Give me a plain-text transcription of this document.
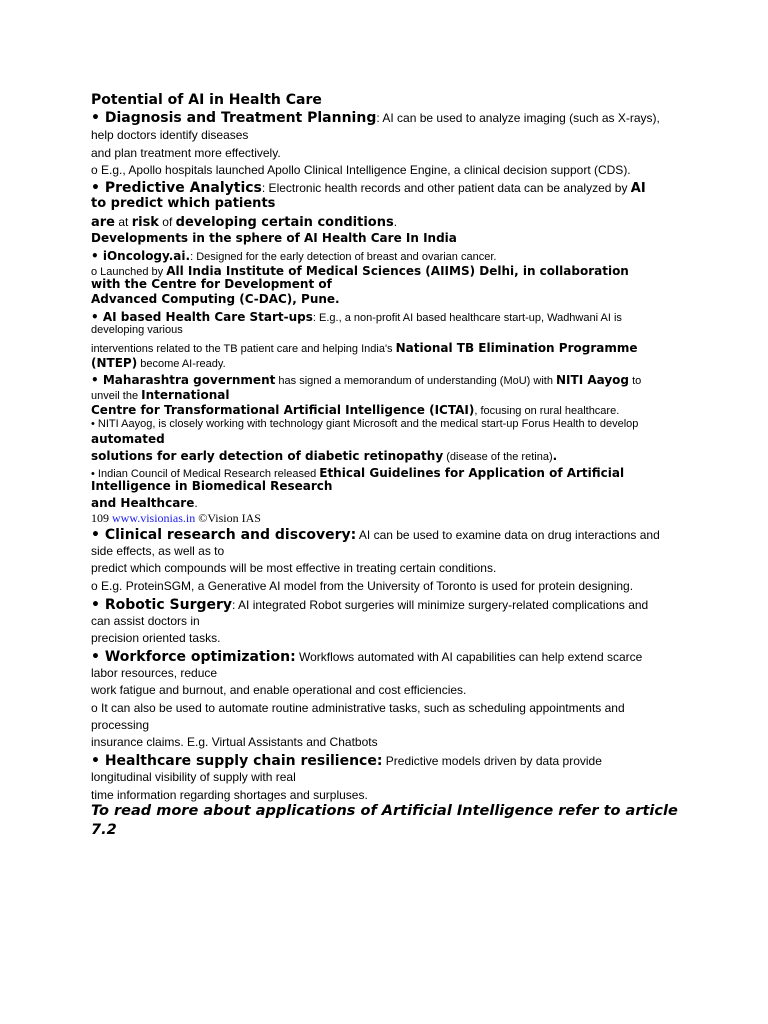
Potential of AI in Health Care
• Diagnosis and Treatment Planning: AI can be used to analyze imaging (such as X-rays),
help doctors identify diseases
and plan treatment more effectively.
o E.g., Apollo hospitals launched Apollo Clinical Intelligence Engine, a clinical decision support (CDS).
• Predictive Analytics: Electronic health records and other patient data can be analyzed by AI
to predict which patients
are at risk of developing certain conditions.
Developments in the sphere of AI Health Care In India
• iOncology.ai.: Designed for the early detection of breast and ovarian cancer.
o Launched by All India Institute of Medical Sciences (AIIMS) Delhi, in collaboration
with the Centre for Development of
Advanced Computing (C-DAC), Pune.
• AI based Health Care Start-ups: E.g., a non-profit AI based healthcare start-up, Wadhwani AI is
developing various
interventions related to the TB patient care and helping India's National TB Elimination Programme
(NTEP) become AI-ready.
• Maharashtra government has signed a memorandum of understanding (MoU) with NITI Aayog to
unveil the International
Centre for Transformational Artificial Intelligence (ICTAI), focusing on rural healthcare.
• NITI Aayog, is closely working with technology giant Microsoft and the medical start-up Forus Health to develop
automated
solutions for early detection of diabetic retinopathy (disease of the retina).
• Indian Council of Medical Research released Ethical Guidelines for Application of Artificial
Intelligence in Biomedical Research
and Healthcare.
109 www.visionias.in ©Vision IAS
• Clinical research and discovery: AI can be used to examine data on drug interactions and
side effects, as well as to
predict which compounds will be most effective in treating certain conditions.
o E.g. ProteinSGM, a Generative AI model from the University of Toronto is used for protein designing.
• Robotic Surgery: AI integrated Robot surgeries will minimize surgery-related complications and
can assist doctors in
precision oriented tasks.
• Workforce optimization: Workflows automated with AI capabilities can help extend scarce
labor resources, reduce
work fatigue and burnout, and enable operational and cost efficiencies.
o It can also be used to automate routine administrative tasks, such as scheduling appointments and
processing
insurance claims. E.g. Virtual Assistants and Chatbots
• Healthcare supply chain resilience: Predictive models driven by data provide
longitudinal visibility of supply with real
time information regarding shortages and surpluses.
To read more about applications of Artificial Intelligence refer to article
7.2
